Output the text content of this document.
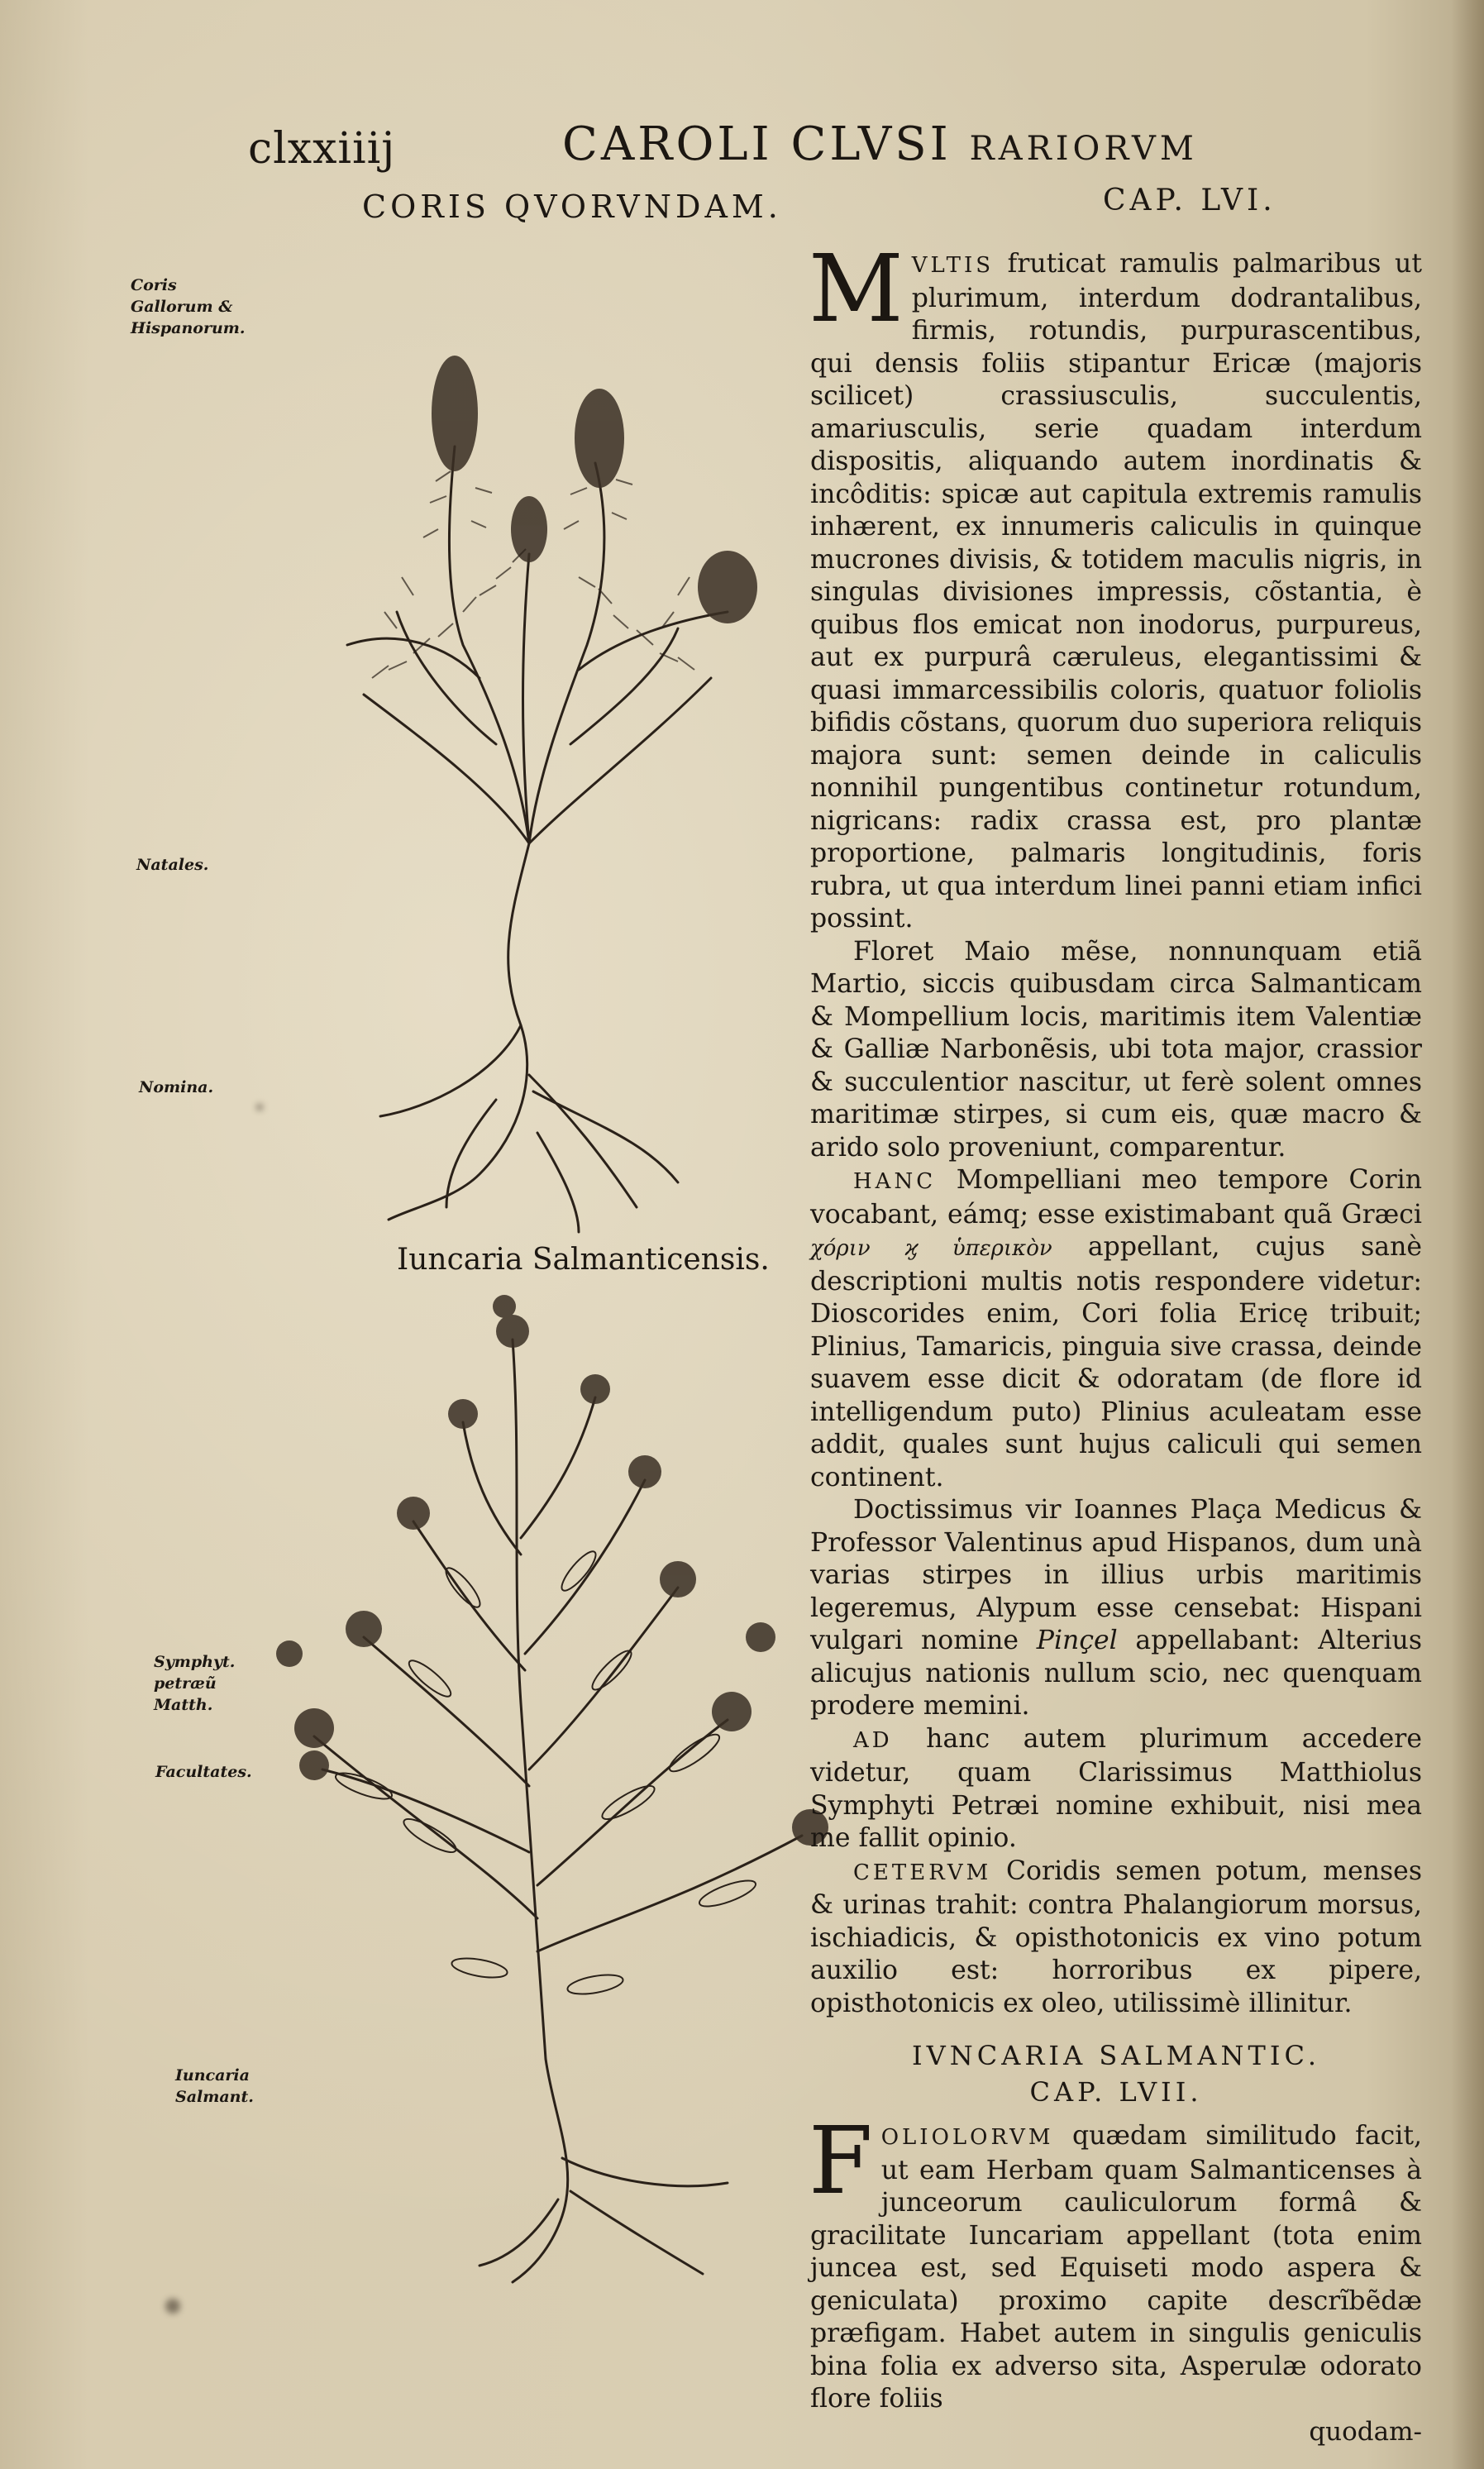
clxxiiij	CAROLI CLVSI RARIORVM
CORIS QVORVNDAM.	CAP. LVI.
Coris Gallorum & Hispanorum.
Natales.
Nomina.
Symphyt. petræũ Matth.
Facultates.
Iuncaria Salmant.
Iuncaria Salmanticensis.

MVLTIS fruticat ramulis palmaribus ut plurimum, interdum dodrantalibus, firmis, rotundis, purpurascentibus, qui densis foliis stipantur Ericæ (majoris scilicet) crassiusculis, succulentis, amariusculis, serie quadam interdum dispositis, aliquando autem inordinatis & incôditis: spicæ aut capitula extremis ramulis inhærent, ex innumeris caliculis in quinque mucrones divisis, & totidem maculis nigris, in singulas divisiones impressis, cõstantia, è quibus flos emicat non inodorus, purpureus, aut ex purpurâ cæruleus, elegantissimi & quasi immarcessibilis coloris, quatuor foliolis bifidis cõstans, quorum duo superiora reliquis majora sunt: semen deinde in caliculis nonnihil pungentibus continetur rotundum, nigricans: radix crassa est, pro plantæ proportione, palmaris longitudinis, foris rubra, ut qua interdum linei panni etiam infici possint.

Floret Maio mẽse, nonnunquam etiã Martio, siccis quibusdam circa Salmanticam & Mompellium locis, maritimis item Valentiæ & Galliæ Narbonẽsis, ubi tota major, crassior & succulentior nascitur, ut ferè solent omnes maritimæ stirpes, si cum eis, quæ macro & arido solo proveniunt, comparentur.

HANC Mompelliani meo tempore Corin vocabant, eámq; esse existimabant quã Græci χόριν ϗ ὑπερικὸν appellant, cujus sanè descriptioni multis notis respondere videtur: Dioscorides enim, Cori folia Ericę tribuit; Plinius, Tamaricis, pinguia sive crassa, deinde suavem esse dicit & odoratam (de flore id intelligendum puto) Plinius aculeatam esse addit, quales sunt hujus caliculi qui semen continent.

Doctissimus vir Ioannes Plaça Medicus & Professor Valentinus apud Hispanos, dum unà varias stirpes in illius urbis maritimis legeremus, Alypum esse censebat: Hispani vulgari nomine Pinçel appellabant: Alterius alicujus nationis nullum scio, nec quenquam prodere memini.

AD hanc autem plurimum accedere videtur, quam Clarissimus Matthiolus Symphyti Petræi nomine exhibuit, nisi mea me fallit opinio.

CETERVM Coridis semen potum, menses & urinas trahit: contra Phalangiorum morsus, ischiadicis, & opisthotonicis ex vino potum auxilio est: horroribus ex pipere, opisthotonicis ex oleo, utilissimè illinitur.

IVNCARIA SALMANTIC.
CAP. LVII.

FOLIOLORVM quædam similitudo facit, ut eam Herbam quam Salmanticenses à junceorum cauliculorum formâ & gracilitate Iuncariam appellant (tota enim juncea est, sed Equiseti modo aspera & geniculata) proximo capite descrĩbẽdæ præfigam. Habet autem in singulis geniculis bina folia ex adverso sita, Asperulæ odorato flore foliis

quodam-
